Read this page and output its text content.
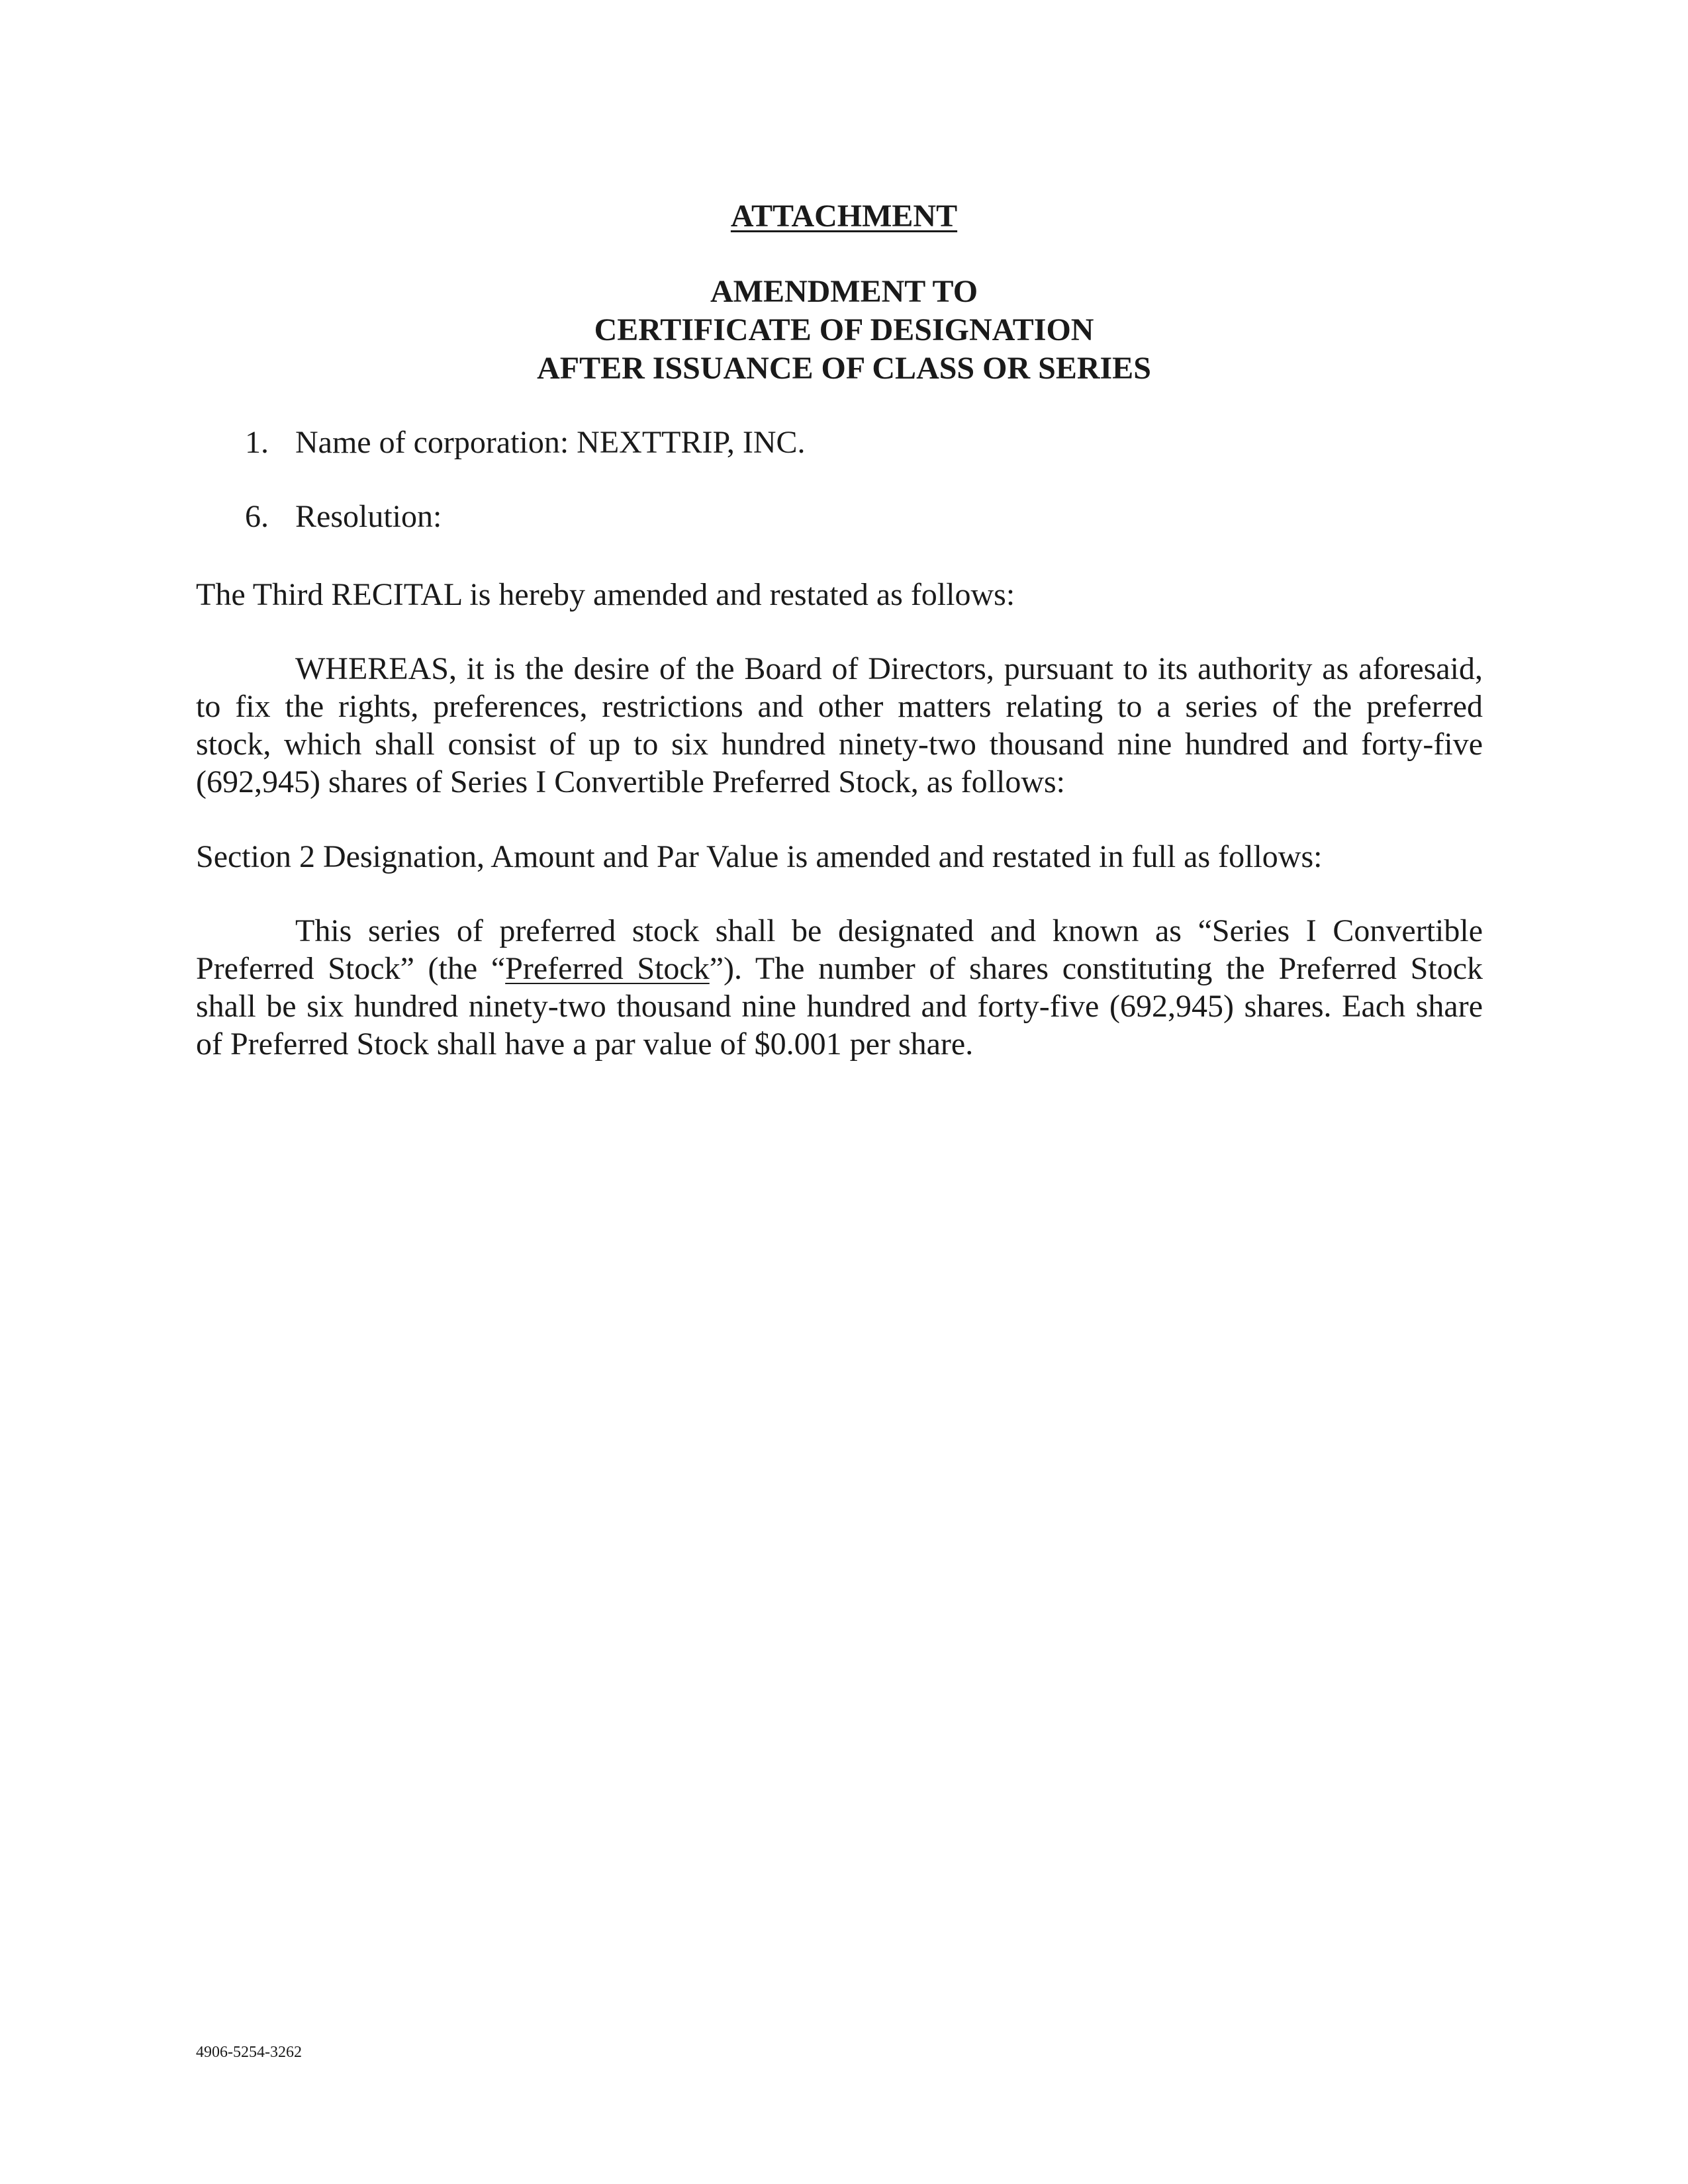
ATTACHMENT
AMENDMENT TO
CERTIFICATE OF DESIGNATION
AFTER ISSUANCE OF CLASS OR SERIES
1. Name of corporation: NEXTTRIP, INC.
6. Resolution:
The Third RECITAL is hereby amended and restated as follows:
WHEREAS, it is the desire of the Board of Directors, pursuant to its authority as aforesaid,
to fix the rights, preferences, restrictions and other matters relating to a series of the preferred
stock, which shall consist of up to six hundred ninety-two thousand nine hundred and forty-five
(692,945) shares of Series I Convertible Preferred Stock, as follows:
Section 2 Designation, Amount and Par Value is amended and restated in full as follows:
This series of preferred stock shall be designated and known as “Series I Convertible
Preferred Stock” (the “Preferred Stock”). The number of shares constituting the Preferred Stock
shall be six hundred ninety-two thousand nine hundred and forty-five (692,945) shares. Each share
of Preferred Stock shall have a par value of $0.001 per share.
4906-5254-3262
